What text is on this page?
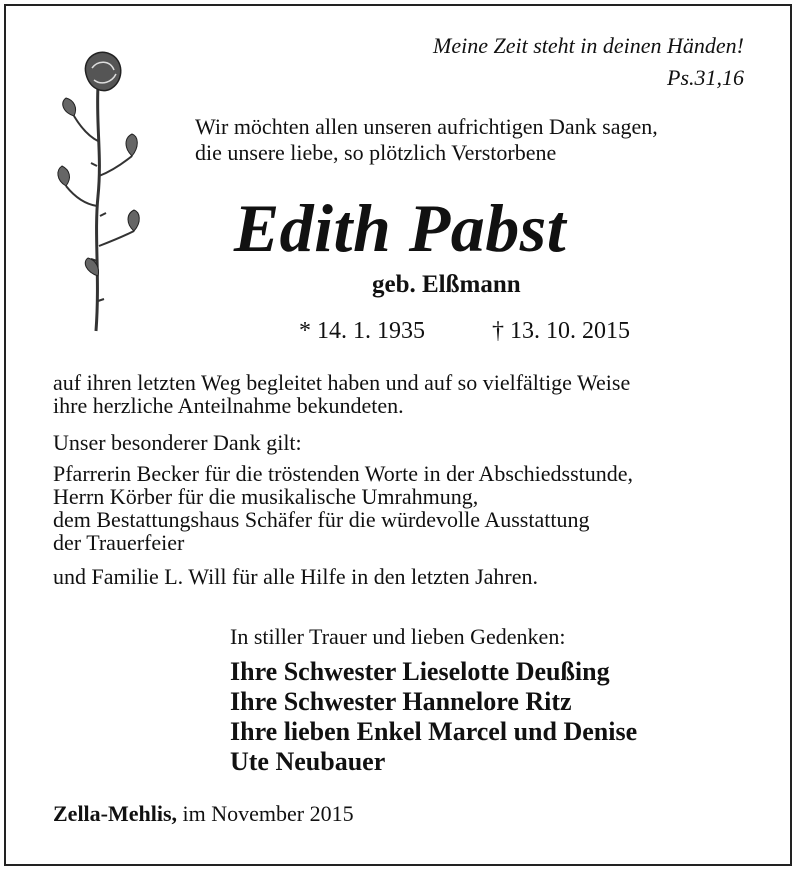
Meine Zeit steht in deinen Händen!
Ps.31,16
Wir möchten allen unseren aufrichtigen Dank sagen,
die unsere liebe, so plötzlich Verstorbene
Edith Pabst
geb. Elßmann
* 14. 1. 1935	† 13. 10. 2015
auf ihren letzten Weg begleitet haben und auf so vielfältige Weise
ihre herzliche Anteilnahme bekundeten.
Unser besonderer Dank gilt:
Pfarrerin Becker für die tröstenden Worte in der Abschiedsstunde,
Herrn Körber für die musikalische Umrahmung,
dem Bestattungshaus Schäfer für die würdevolle Ausstattung
der Trauerfeier
und Familie L. Will für alle Hilfe in den letzten Jahren.
In stiller Trauer und lieben Gedenken:
Ihre Schwester Lieselotte Deußing
Ihre Schwester Hannelore Ritz
Ihre lieben Enkel Marcel und Denise
Ute Neubauer
Zella-Mehlis, im November 2015
